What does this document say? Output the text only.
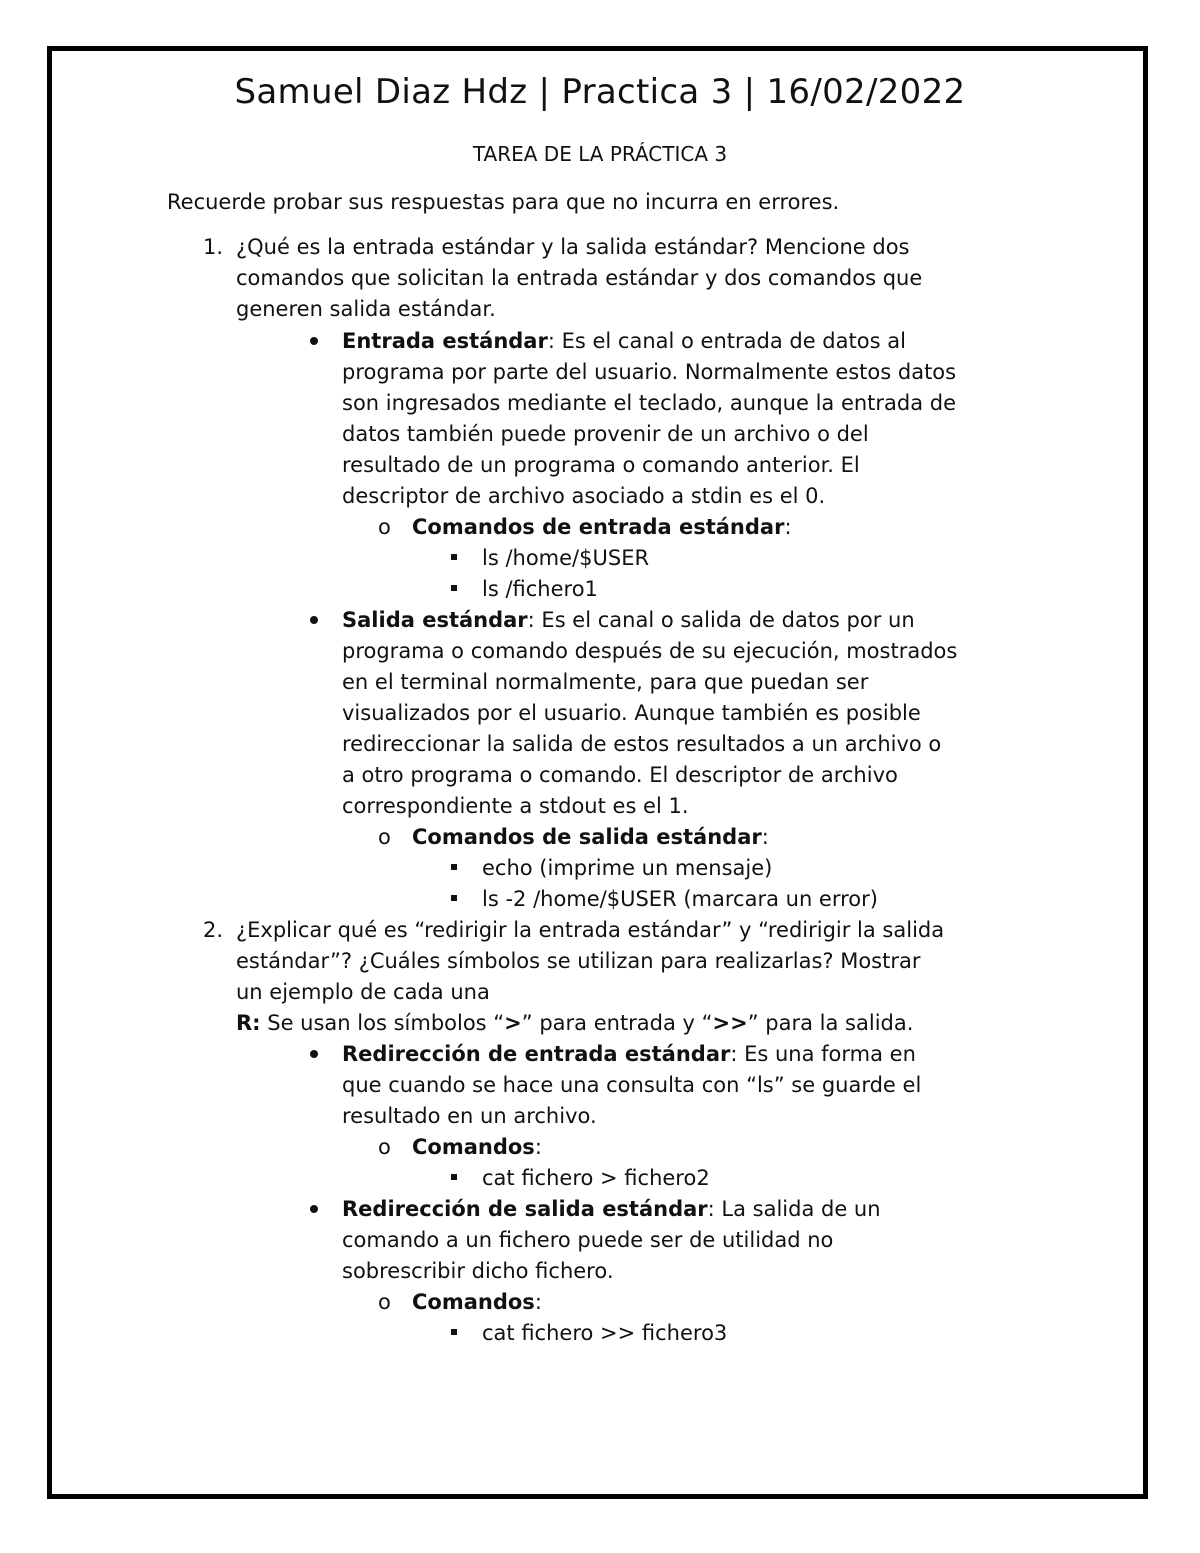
Samuel Diaz Hdz | Practica 3 | 16/02/2022
TAREA DE LA PRÁCTICA 3
Recuerde probar sus respuestas para que no incurra en errores.
1. ¿Qué es la entrada estándar y la salida estándar? Mencione dos
comandos que solicitan la entrada estándar y dos comandos que
generen salida estándar.
Entrada estándar: Es el canal o entrada de datos al
programa por parte del usuario. Normalmente estos datos
son ingresados mediante el teclado, aunque la entrada de
datos también puede provenir de un archivo o del
resultado de un programa o comando anterior. El
descriptor de archivo asociado a stdin es el 0.
o Comandos de entrada estándar:
ls /home/$USER
ls /fichero1
Salida estándar: Es el canal o salida de datos por un
programa o comando después de su ejecución, mostrados
en el terminal normalmente, para que puedan ser
visualizados por el usuario. Aunque también es posible
redireccionar la salida de estos resultados a un archivo o
a otro programa o comando. El descriptor de archivo
correspondiente a stdout es el 1.
o Comandos de salida estándar:
echo (imprime un mensaje)
ls -2 /home/$USER (marcara un error)
2. ¿Explicar qué es “redirigir la entrada estándar” y “redirigir la salida
estándar”? ¿Cuáles símbolos se utilizan para realizarlas? Mostrar
un ejemplo de cada una
R: Se usan los símbolos “>” para entrada y “>>” para la salida.
Redirección de entrada estándar: Es una forma en
que cuando se hace una consulta con “ls” se guarde el
resultado en un archivo.
o Comandos:
cat fichero > fichero2
Redirección de salida estándar: La salida de un
comando a un fichero puede ser de utilidad no
sobrescribir dicho fichero.
o Comandos:
cat fichero >> fichero3
